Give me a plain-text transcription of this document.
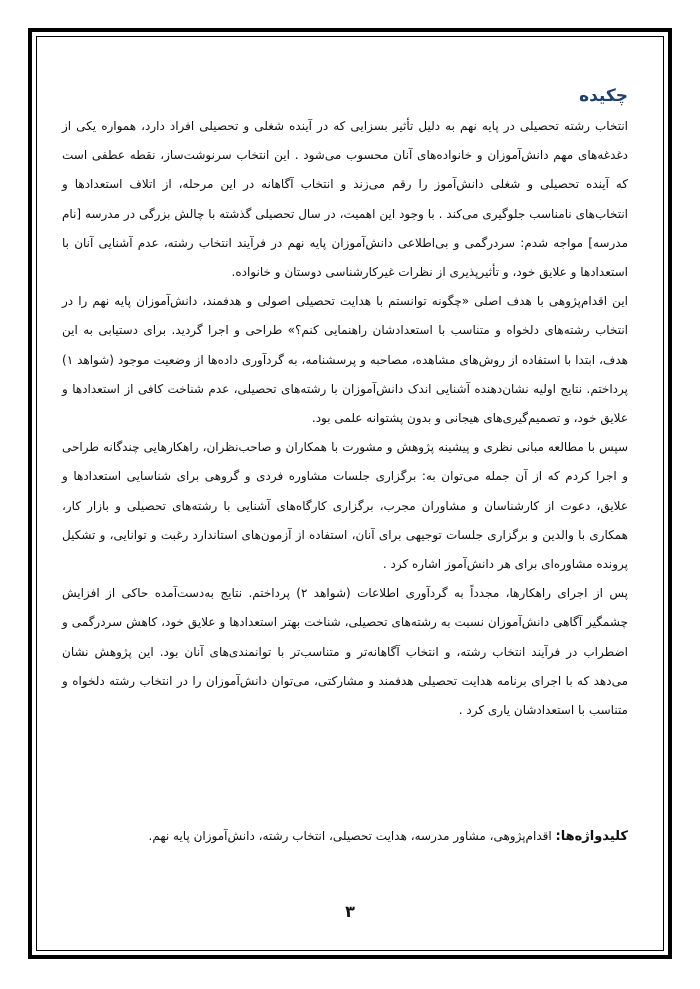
چکیده

انتخاب رشته تحصیلی در پایه نهم به دلیل تأثیر بسزایی که در آینده شغلی و تحصیلی افراد دارد، همواره یکی از دغدغه‌های مهم دانش‌آموزان و خانواده‌های آنان محسوب می‌شود . این انتخاب سرنوشت‌ساز، نقطه عطفی است که آینده تحصیلی و شغلی دانش‌آموز را رقم می‌زند و انتخاب آگاهانه در این مرحله، از اتلاف استعدادها و انتخاب‌های نامناسب جلوگیری می‌کند . با وجود این اهمیت، در سال تحصیلی گذشته با چالش بزرگی در مدرسه [نام مدرسه] مواجه شدم: سردرگمی و بی‌اطلاعی دانش‌آموزان پایه نهم در فرآیند انتخاب رشته، عدم آشنایی آنان با استعدادها و علایق خود، و تأثیرپذیری از نظرات غیرکارشناسی دوستان و خانواده.

این اقدام‌پژوهی با هدف اصلی «چگونه توانستم با هدایت تحصیلی اصولی و هدفمند، دانش‌آموزان پایه نهم را در انتخاب رشته‌های دلخواه و متناسب با استعدادشان راهنمایی کنم؟» طراحی و اجرا گردید. برای دستیابی به این هدف، ابتدا با استفاده از روش‌های مشاهده، مصاحبه و پرسشنامه، به گردآوری داده‌ها از وضعیت موجود (شواهد ۱) پرداختم. نتایج اولیه نشان‌دهنده آشنایی اندک دانش‌آموزان با رشته‌های تحصیلی، عدم شناخت کافی از استعدادها و علایق خود، و تصمیم‌گیری‌های هیجانی و بدون پشتوانه علمی بود.

سپس با مطالعه مبانی نظری و پیشینه پژوهش و مشورت با همکاران و صاحب‌نظران، راهکارهایی چندگانه طراحی و اجرا کردم که از آن جمله می‌توان به: برگزاری جلسات مشاوره فردی و گروهی برای شناسایی استعدادها و علایق، دعوت از کارشناسان و مشاوران مجرب، برگزاری کارگاه‌های آشنایی با رشته‌های تحصیلی و بازار کار، همکاری با والدین و برگزاری جلسات توجیهی برای آنان، استفاده از آزمون‌های استاندارد رغبت و توانایی، و تشکیل پرونده مشاوره‌ای برای هر دانش‌آموز اشاره کرد .

پس از اجرای راهکارها، مجدداً به گردآوری اطلاعات (شواهد ۲) پرداختم. نتایج به‌دست‌آمده حاکی از افزایش چشمگیر آگاهی دانش‌آموزان نسبت به رشته‌های تحصیلی، شناخت بهتر استعدادها و علایق خود، کاهش سردرگمی و اضطراب در فرآیند انتخاب رشته، و انتخاب آگاهانه‌تر و متناسب‌تر با توانمندی‌های آنان بود. این پژوهش نشان می‌دهد که با اجرای برنامه هدایت تحصیلی هدفمند و مشارکتی، می‌توان دانش‌آموزان را در انتخاب رشته دلخواه و متناسب با استعدادشان یاری کرد .

کلیدواژه‌ها: اقدام‌پژوهی، مشاور مدرسه، هدایت تحصیلی، انتخاب رشته، دانش‌آموزان پایه نهم.
۳
